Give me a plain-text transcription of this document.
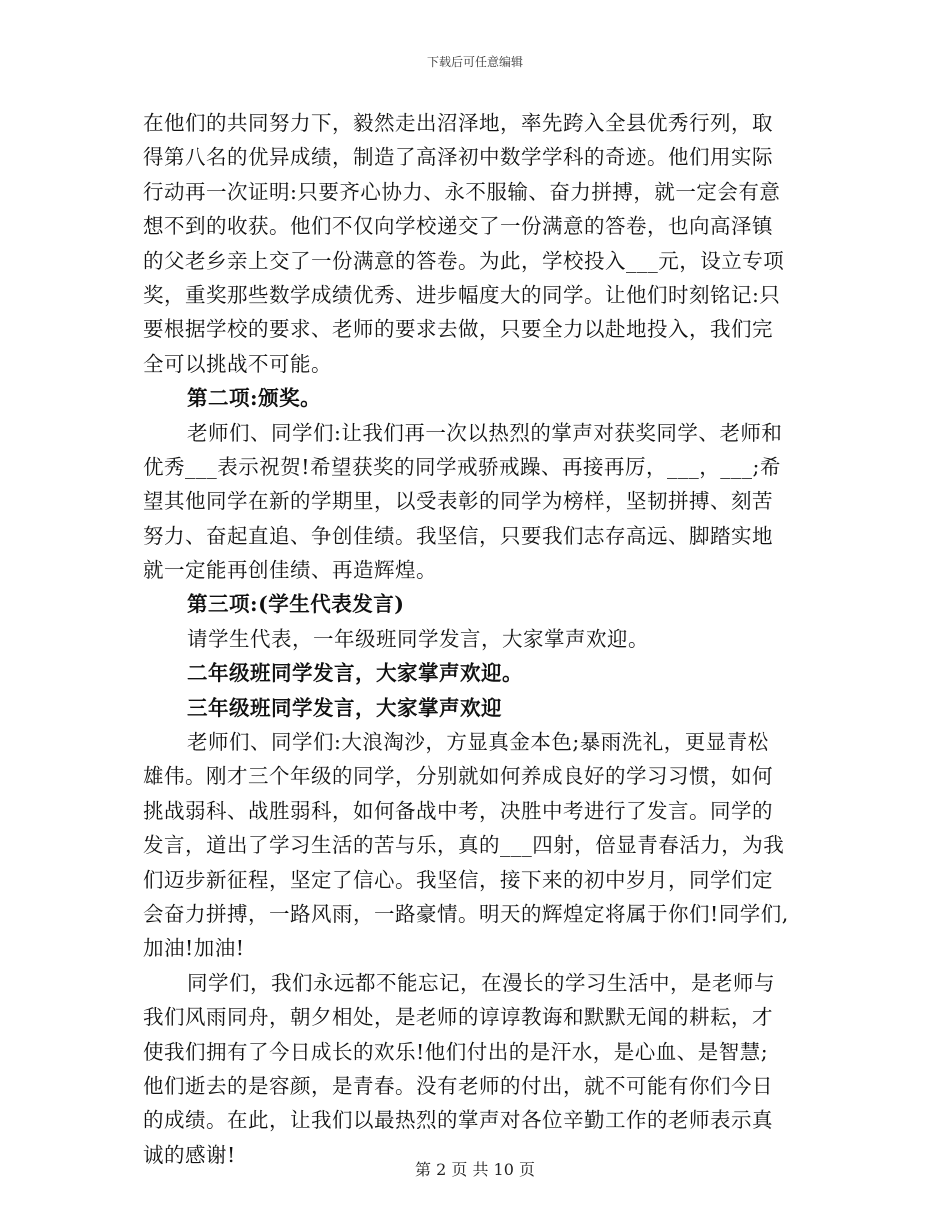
下载后可任意编辑
在他们的共同努力下，毅然走出沼泽地，率先跨入全县优秀行列，取
得第八名的优异成绩，制造了高泽初中数学学科的奇迹。他们用实际
行动再一次证明:只要齐心协力、永不服输、奋力拼搏，就一定会有意
想不到的收获。他们不仅向学校递交了一份满意的答卷，也向高泽镇
的父老乡亲上交了一份满意的答卷。为此，学校投入___元，设立专项
奖，重奖那些数学成绩优秀、进步幅度大的同学。让他们时刻铭记:只
要根据学校的要求、老师的要求去做，只要全力以赴地投入，我们完
全可以挑战不可能。
第二项:颁奖。
老师们、同学们:让我们再一次以热烈的掌声对获奖同学、老师和
优秀___表示祝贺!希望获奖的同学戒骄戒躁、再接再厉，___，___;希
望其他同学在新的学期里，以受表彰的同学为榜样，坚韧拼搏、刻苦
努力、奋起直追、争创佳绩。我坚信，只要我们志存高远、脚踏实地
就一定能再创佳绩、再造辉煌。
第三项:(学生代表发言)
请学生代表，一年级班同学发言，大家掌声欢迎。
二年级班同学发言，大家掌声欢迎。
三年级班同学发言，大家掌声欢迎
老师们、同学们:大浪淘沙，方显真金本色;暴雨洗礼，更显青松
雄伟。刚才三个年级的同学，分别就如何养成良好的学习习惯，如何
挑战弱科、战胜弱科，如何备战中考，决胜中考进行了发言。同学的
发言，道出了学习生活的苦与乐，真的___四射，倍显青春活力，为我
们迈步新征程，坚定了信心。我坚信，接下来的初中岁月，同学们定
会奋力拼搏，一路风雨，一路豪情。明天的辉煌定将属于你们!同学们,
加油!加油!
同学们，我们永远都不能忘记，在漫长的学习生活中，是老师与
我们风雨同舟，朝夕相处，是老师的谆谆教诲和默默无闻的耕耘，才
使我们拥有了今日成长的欢乐!他们付出的是汗水，是心血、是智慧;
他们逝去的是容颜，是青春。没有老师的付出，就不可能有你们今日
的成绩。在此，让我们以最热烈的掌声对各位辛勤工作的老师表示真
诚的感谢!
第 2 页 共 10 页
